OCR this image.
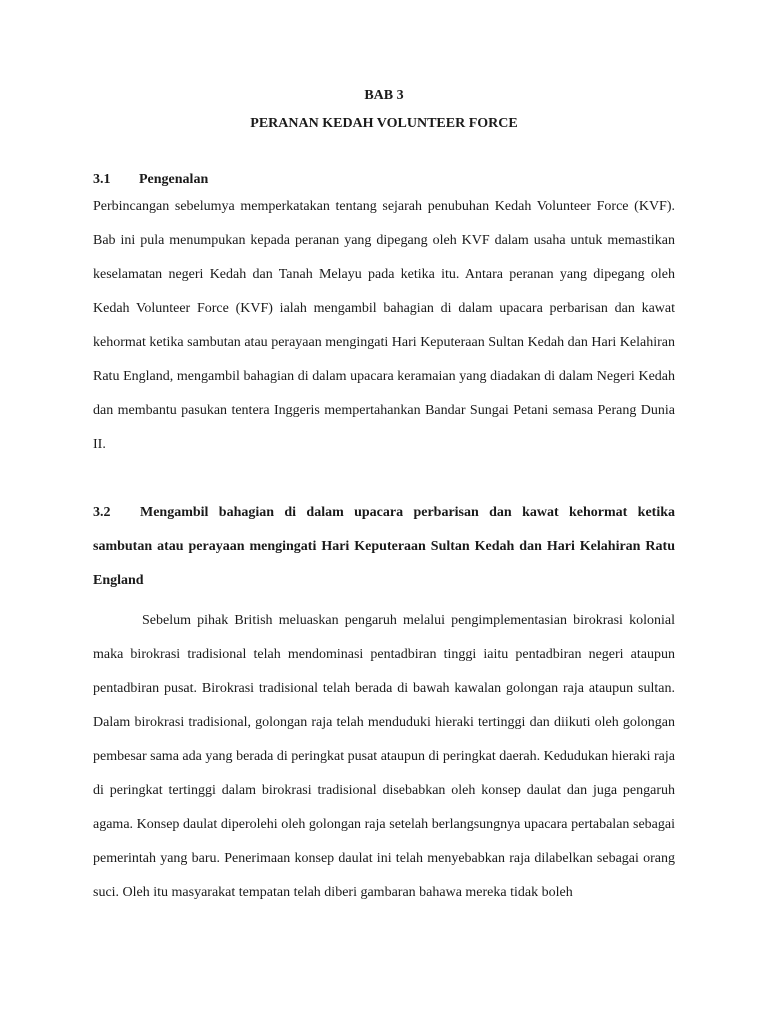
BAB 3
PERANAN KEDAH VOLUNTEER FORCE
3.1 Pengenalan

Perbincangan sebelumya memperkatakan tentang sejarah penubuhan Kedah Volunteer Force (KVF). Bab ini pula menumpukan kepada peranan yang dipegang oleh KVF dalam usaha untuk memastikan keselamatan negeri Kedah dan Tanah Melayu pada ketika itu. Antara peranan yang dipegang oleh Kedah Volunteer Force (KVF) ialah mengambil bahagian di dalam upacara perbarisan dan kawat kehormat ketika sambutan atau perayaan mengingati Hari Keputeraan Sultan Kedah dan Hari Kelahiran Ratu England, mengambil bahagian di dalam upacara keramaian yang diadakan di dalam Negeri Kedah dan membantu pasukan tentera Inggeris mempertahankan Bandar Sungai Petani semasa Perang Dunia II.

3.2 Mengambil bahagian di dalam upacara perbarisan dan kawat kehormat ketika sambutan atau perayaan mengingati Hari Keputeraan Sultan Kedah dan Hari Kelahiran Ratu England

Sebelum pihak British meluaskan pengaruh melalui pengimplementasian birokrasi kolonial maka birokrasi tradisional telah mendominasi pentadbiran tinggi iaitu pentadbiran negeri ataupun pentadbiran pusat. Birokrasi tradisional telah berada di bawah kawalan golongan raja ataupun sultan. Dalam birokrasi tradisional, golongan raja telah menduduki hieraki tertinggi dan diikuti oleh golongan pembesar sama ada yang berada di peringkat pusat ataupun di peringkat daerah. Kedudukan hieraki raja di peringkat tertinggi dalam birokrasi tradisional disebabkan oleh konsep daulat dan juga pengaruh agama. Konsep daulat diperolehi oleh golongan raja setelah berlangsungnya upacara pertabalan sebagai pemerintah yang baru. Penerimaan konsep daulat ini telah menyebabkan raja dilabelkan sebagai orang suci. Oleh itu masyarakat tempatan telah diberi gambaran bahawa mereka tidak boleh
